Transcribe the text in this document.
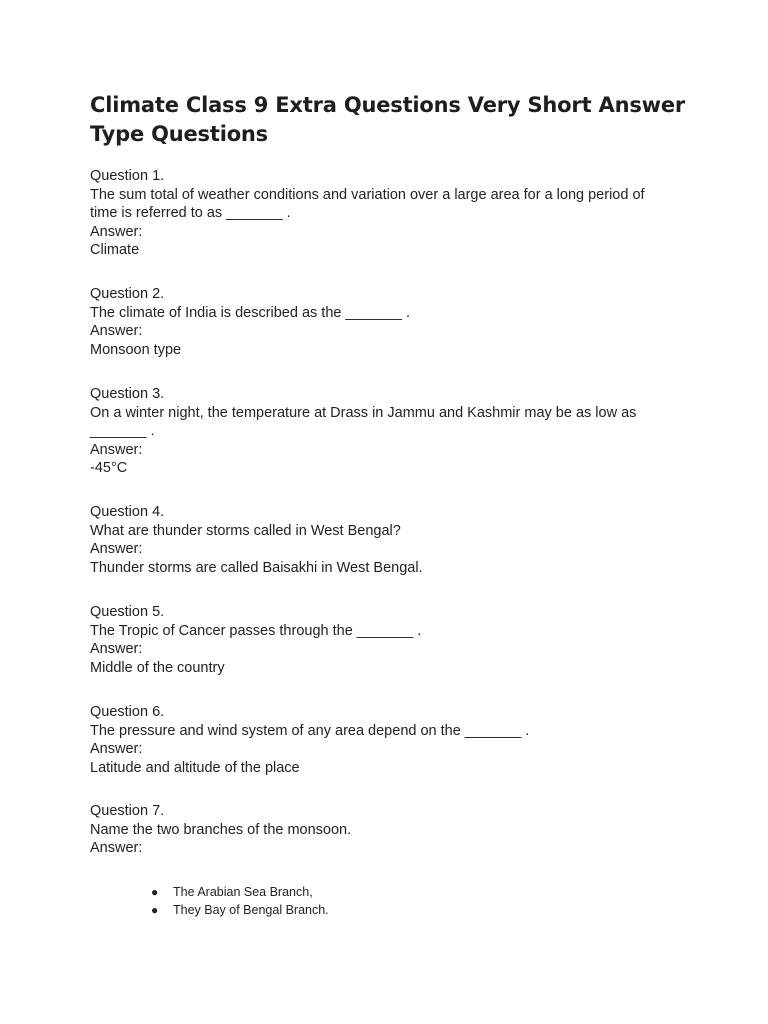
Climate Class 9 Extra Questions Very Short Answer Type Questions
Question 1.
The sum total of weather conditions and variation over a large area for a long period of time is referred to as _______ .
Answer:
Climate
Question 2.
The climate of India is described as the _______ .
Answer:
Monsoon type
Question 3.
On a winter night, the temperature at Drass in Jammu and Kashmir may be as low as _______ .
Answer:
-45°C
Question 4.
What are thunder storms called in West Bengal?
Answer:
Thunder storms are called Baisakhi in West Bengal.
Question 5.
The Tropic of Cancer passes through the _______ .
Answer:
Middle of the country
Question 6.
The pressure and wind system of any area depend on the _______ .
Answer:
Latitude and altitude of the place
Question 7.
Name the two branches of the monsoon.
Answer:
● The Arabian Sea Branch,
● They Bay of Bengal Branch.
